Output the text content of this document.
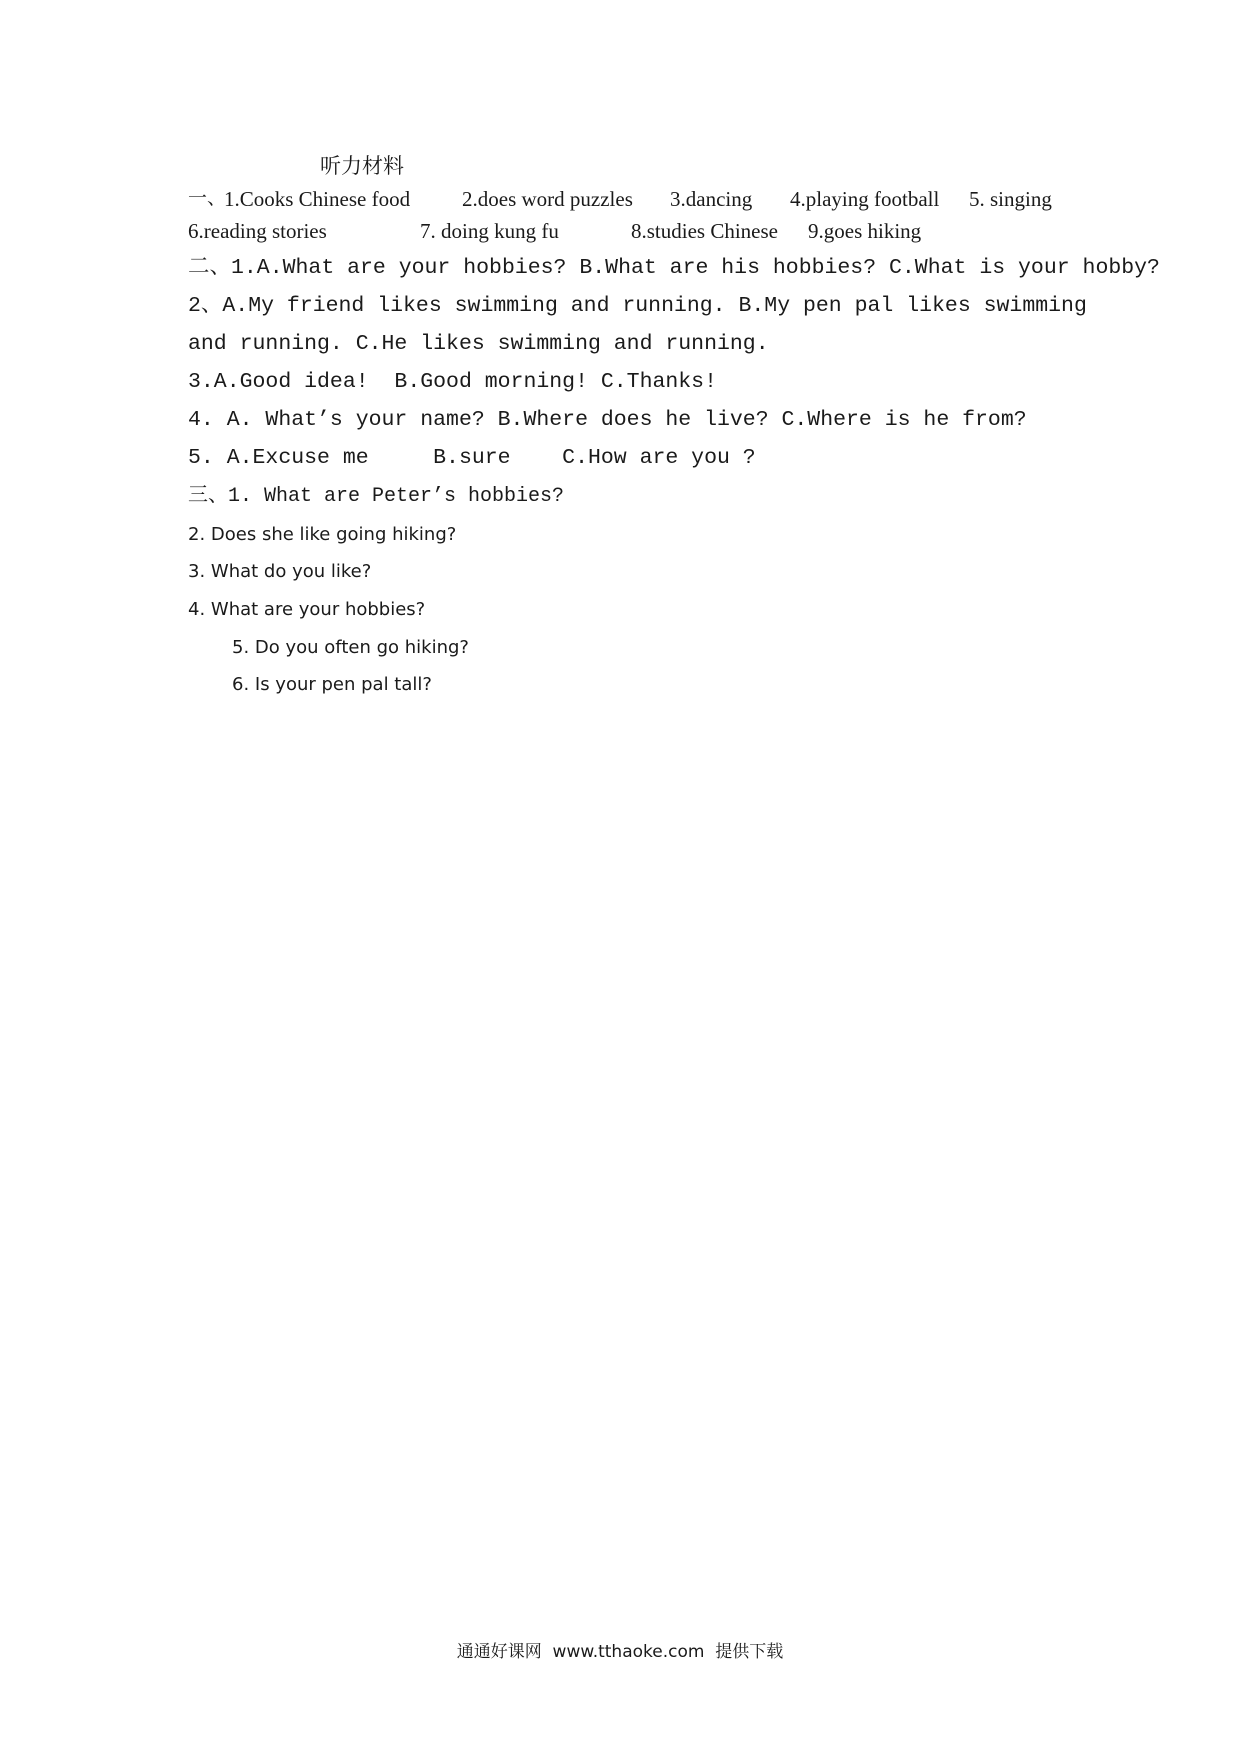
听力材料

一、

1.Cooks Chinese food

2.does word puzzles

3.dancing

4.playing football

5. singing

6.reading stories

	7. doing kung fu

	8.studies Chinese

9.goes hiking

二、1.A.What are your hobbies? B.What are his hobbies? C.What is your hobby?
2、A.My friend likes swimming and running. B.My pen pal likes swimming
and running. C.He likes swimming and running.
3.A.Good idea!  B.Good morning! C.Thanks!
4. A. What’s your name? B.Where does he live? C.Where is he from?
5. A.Excuse me     B.sure    C.How are you ?
三、1. What are Peter’s hobbies?
2. Does she like going hiking?
3. What do you like?
4. What are your hobbies?
5. Do you often go hiking?
6. Is your pen pal tall?
通通好课网  www.tthaoke.com  提供下载
